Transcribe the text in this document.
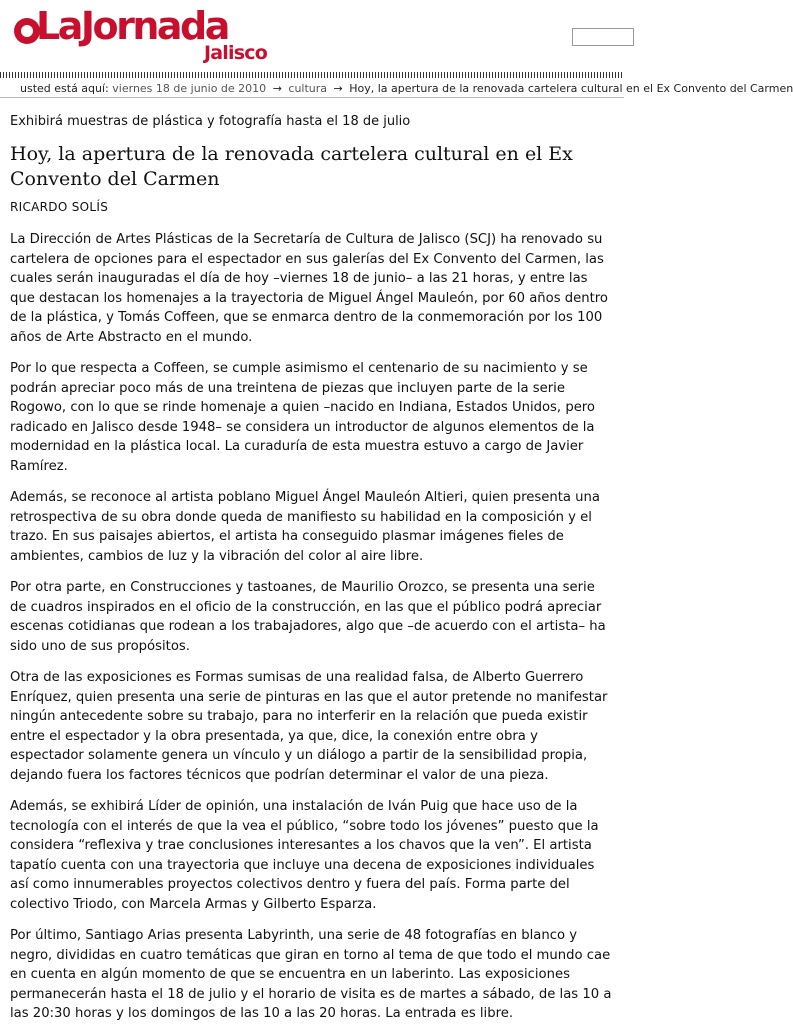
LaJornada
Jalisco
usted está aquí: viernes 18 de junio de 2010 → cultura → Hoy, la apertura de la renovada cartelera cultural en el Ex Convento del Carmen

Exhibirá muestras de plástica y fotografía hasta el 18 de julio

Hoy, la apertura de la renovada cartelera cultural en el Ex Convento del Carmen

RICARDO SOLÍS

La Dirección de Artes Plásticas de la Secretaría de Cultura de Jalisco (SCJ) ha renovado su cartelera de opciones para el espectador en sus galerías del Ex Convento del Carmen, las cuales serán inauguradas el día de hoy –viernes 18 de junio– a las 21 horas, y entre las que destacan los homenajes a la trayectoria de Miguel Ángel Mauleón, por 60 años dentro de la plástica, y Tomás Coffeen, que se enmarca dentro de la conmemoración por los 100 años de Arte Abstracto en el mundo.

Por lo que respecta a Coffeen, se cumple asimismo el centenario de su nacimiento y se podrán apreciar poco más de una treintena de piezas que incluyen parte de la serie Rogowo, con lo que se rinde homenaje a quien –nacido en Indiana, Estados Unidos, pero radicado en Jalisco desde 1948– se considera un introductor de algunos elementos de la modernidad en la plástica local. La curaduría de esta muestra estuvo a cargo de Javier Ramírez.

Además, se reconoce al artista poblano Miguel Ángel Mauleón Altieri, quien presenta una retrospectiva de su obra donde queda de manifiesto su habilidad en la composición y el trazo. En sus paisajes abiertos, el artista ha conseguido plasmar imágenes fieles de ambientes, cambios de luz y la vibración del color al aire libre.

Por otra parte, en Construcciones y tastoanes, de Maurilio Orozco, se presenta una serie de cuadros inspirados en el oficio de la construcción, en las que el público podrá apreciar escenas cotidianas que rodean a los trabajadores, algo que –de acuerdo con el artista– ha sido uno de sus propósitos.

Otra de las exposiciones es Formas sumisas de una realidad falsa, de Alberto Guerrero Enríquez, quien presenta una serie de pinturas en las que el autor pretende no manifestar ningún antecedente sobre su trabajo, para no interferir en la relación que pueda existir entre el espectador y la obra presentada, ya que, dice, la conexión entre obra y espectador solamente genera un vínculo y un diálogo a partir de la sensibilidad propia, dejando fuera los factores técnicos que podrían determinar el valor de una pieza.

Además, se exhibirá Líder de opinión, una instalación de Iván Puig que hace uso de la tecnología con el interés de que la vea el público, “sobre todo los jóvenes” puesto que la considera “reflexiva y trae conclusiones interesantes a los chavos que la ven”. El artista tapatío cuenta con una trayectoria que incluye una decena de exposiciones individuales así como innumerables proyectos colectivos dentro y fuera del país. Forma parte del colectivo Triodo, con Marcela Armas y Gilberto Esparza.

Por último, Santiago Arias presenta Labyrinth, una serie de 48 fotografías en blanco y negro, divididas en cuatro temáticas que giran en torno al tema de que todo el mundo cae en cuenta en algún momento de que se encuentra en un laberinto. Las exposiciones permanecerán hasta el 18 de julio y el horario de visita es de martes a sábado, de las 10 a las 20:30 horas y los domingos de las 10 a las 20 horas. La entrada es libre.
